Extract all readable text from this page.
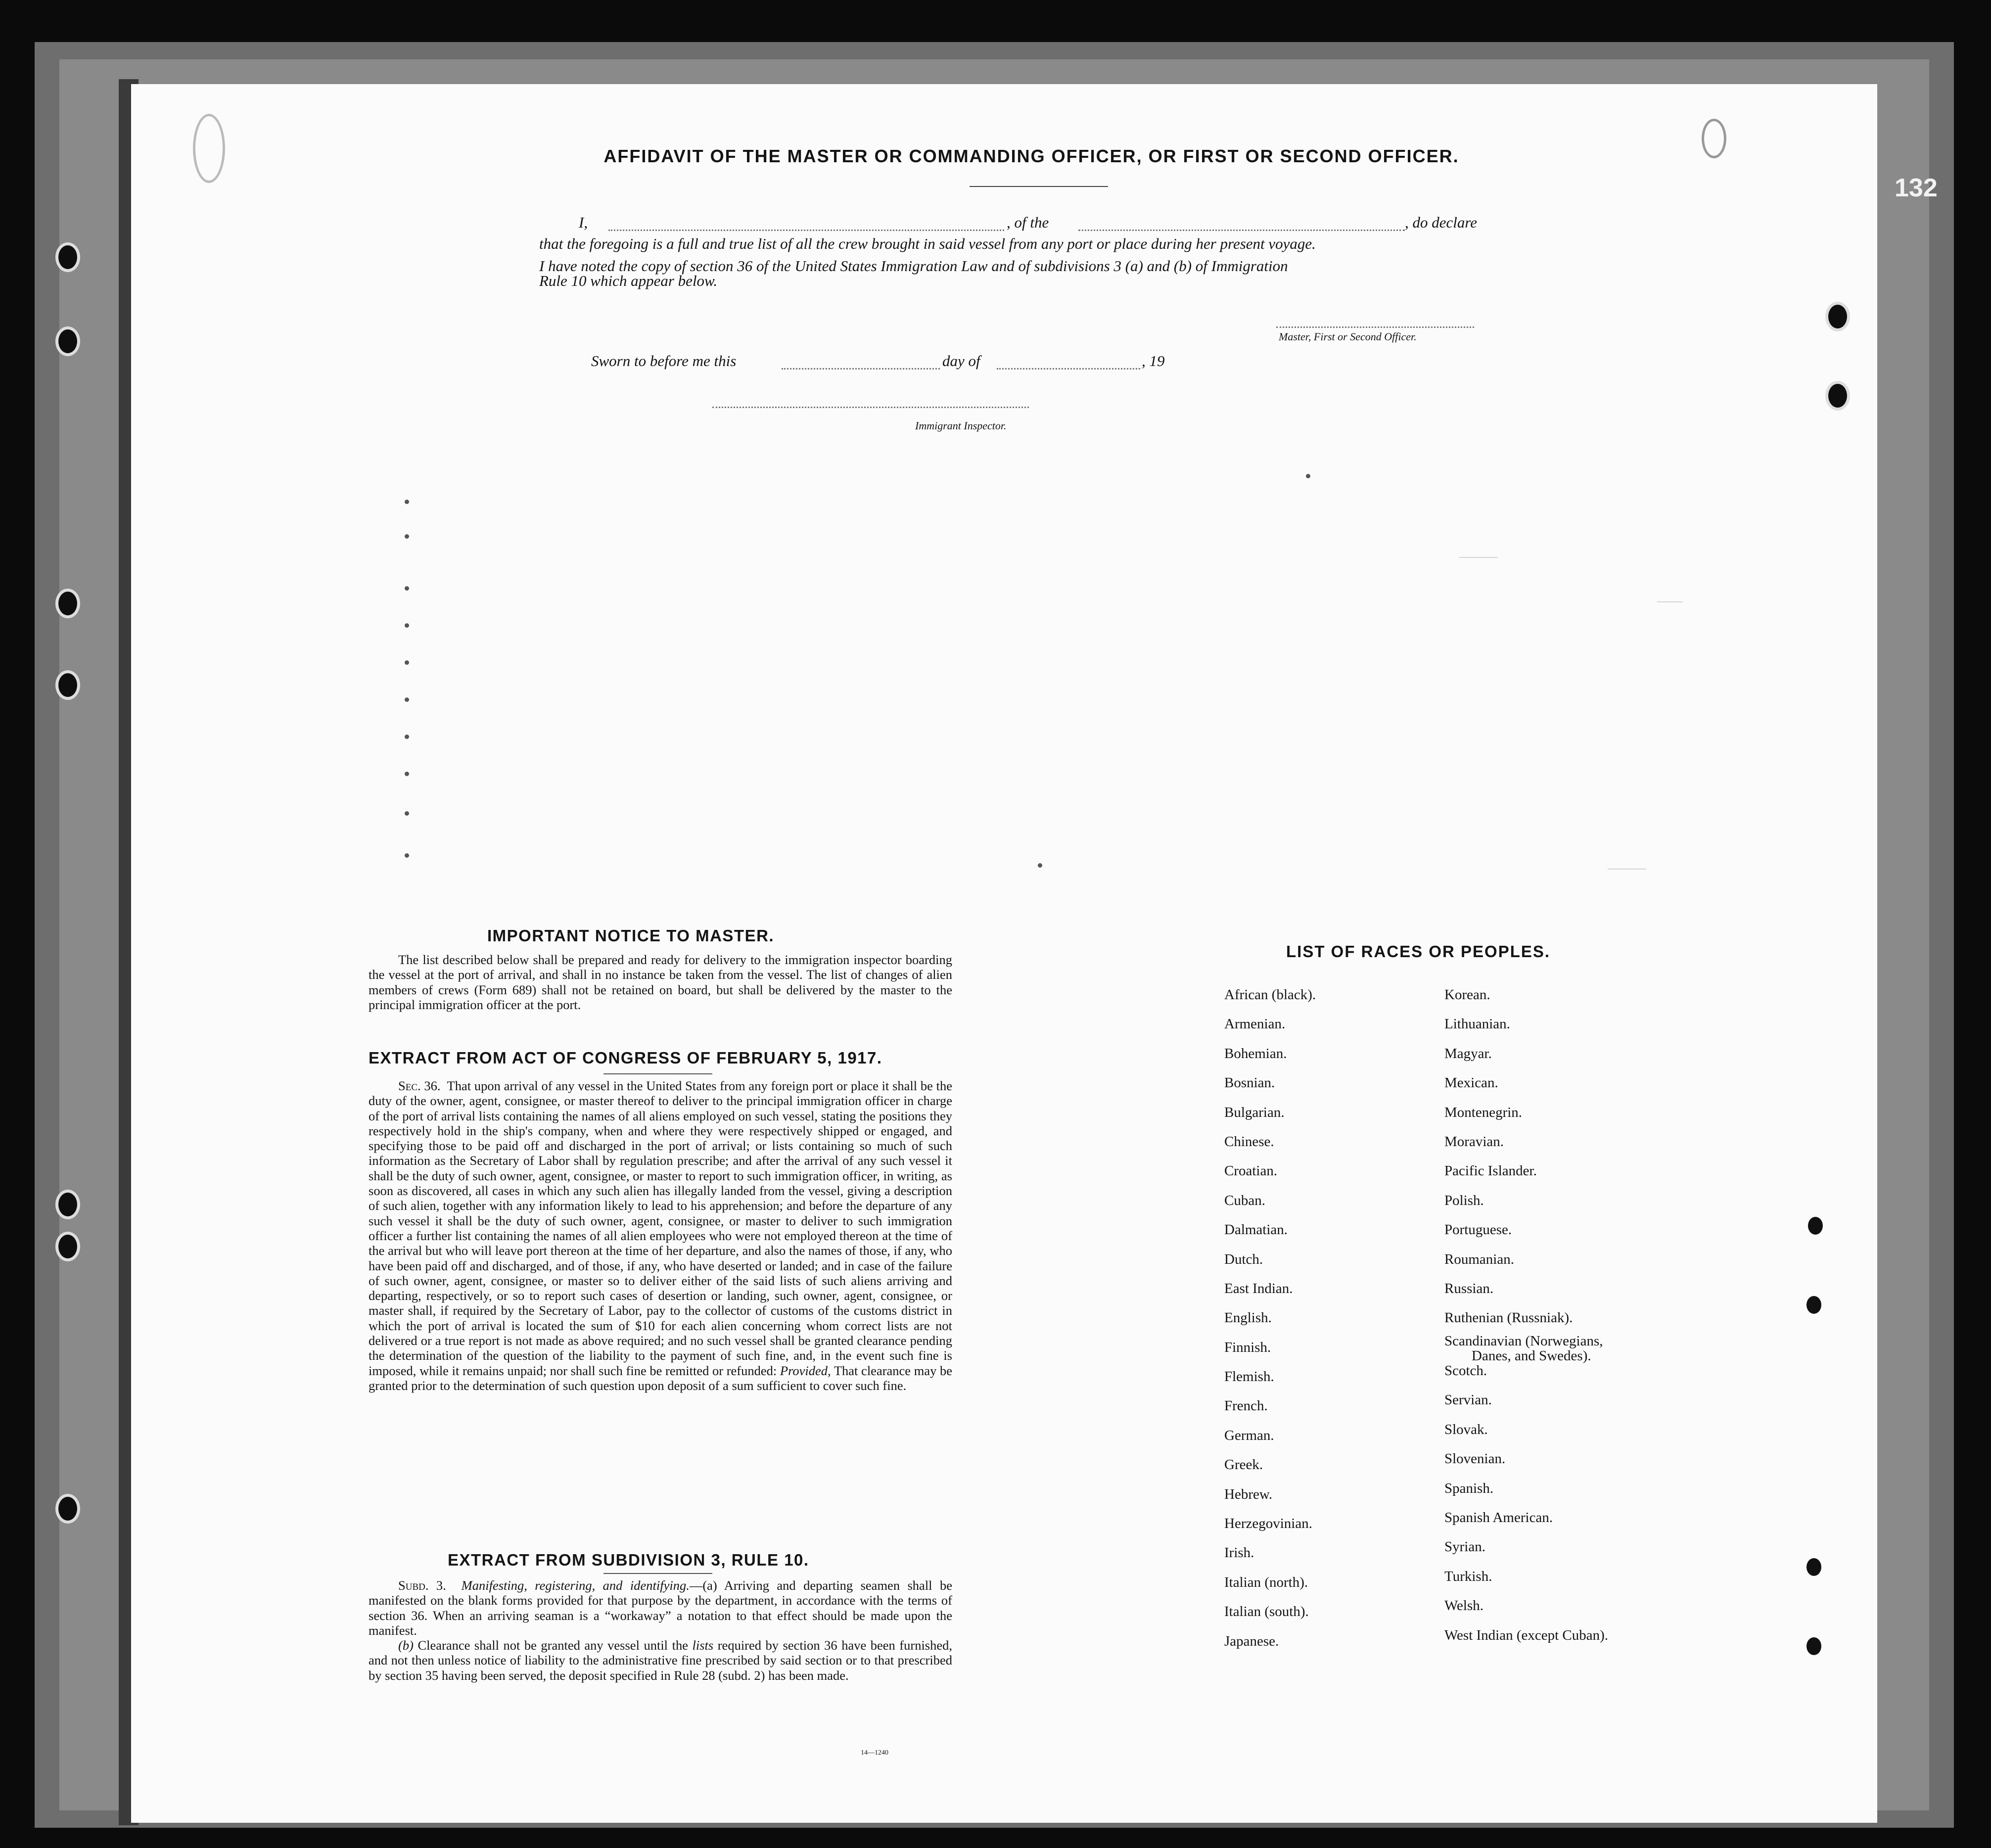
———
——
———
132
AFFIDAVIT OF THE MASTER OR COMMANDING OFFICER, OR FIRST OR SECOND OFFICER.
I,	, of the	, do declare
that the foregoing is a full and true list of all the crew brought in said vessel from any port or place during her present voyage.
I have noted the copy of section 36 of the United States Immigration Law and of subdivisions 3 (a) and (b) of Immigration
Rule 10 which appear below.
Master, First or Second Officer.
Sworn to before me this	day of	, 19
Immigrant Inspector.
IMPORTANT NOTICE TO MASTER.
The list described below shall be prepared and ready for delivery to the immigration inspector boarding the vessel at the port of arrival, and shall in no instance be taken from the vessel. The list of changes of alien members of crews (Form 689) shall not be retained on board, but shall be delivered by the master to the principal immigration officer at the port.
EXTRACT FROM ACT OF CONGRESS OF FEBRUARY 5, 1917.
Sec. 36. That upon arrival of any vessel in the United States from any foreign port or place it shall be the duty of the owner, agent, consignee, or master thereof to deliver to the principal immigration officer in charge of the port of arrival lists containing the names of all aliens employed on such vessel, stating the positions they respectively hold in the ship's company, when and where they were respectively shipped or engaged, and specifying those to be paid off and discharged in the port of arrival; or lists containing so much of such information as the Secretary of Labor shall by regulation prescribe; and after the arrival of any such vessel it shall be the duty of such owner, agent, consignee, or master to report to such immigration officer, in writing, as soon as discovered, all cases in which any such alien has illegally landed from the vessel, giving a description of such alien, together with any information likely to lead to his apprehension; and before the departure of any such vessel it shall be the duty of such owner, agent, consignee, or master to deliver to such immigration officer a further list containing the names of all alien employees who were not employed thereon at the time of the arrival but who will leave port thereon at the time of her departure, and also the names of those, if any, who have been paid off and discharged, and of those, if any, who have deserted or landed; and in case of the failure of such owner, agent, consignee, or master so to deliver either of the said lists of such aliens arriving and departing, respectively, or so to report such cases of desertion or landing, such owner, agent, consignee, or master shall, if required by the Secretary of Labor, pay to the collector of customs of the customs district in which the port of arrival is located the sum of $10 for each alien concerning whom correct lists are not delivered or a true report is not made as above required; and no such vessel shall be granted clearance pending the determination of the question of the liability to the payment of such fine, and, in the event such fine is imposed, while it remains unpaid; nor shall such fine be remitted or refunded: Provided, That clearance may be granted prior to the determination of such question upon deposit of a sum sufficient to cover such fine.
EXTRACT FROM SUBDIVISION 3, RULE 10.
Subd. 3. Manifesting, registering, and identifying.—(a) Arriving and departing seamen shall be manifested on the blank forms provided for that purpose by the department, in accordance with the terms of section 36. When an arriving seaman is a “workaway” a notation to that effect should be made upon the manifest.
(b) Clearance shall not be granted any vessel until the lists required by section 36 have been furnished, and not then unless notice of liability to the administrative fine prescribed by said section or to that prescribed by section 35 having been served, the deposit specified in Rule 28 (subd. 2) has been made.
14—1240
LIST OF RACES OR PEOPLES.
African (black).
Armenian.
Bohemian.
Bosnian.
Bulgarian.
Chinese.
Croatian.
Cuban.
Dalmatian.
Dutch.
East Indian.
English.
Finnish.
Flemish.
French.
German.
Greek.
Hebrew.
Herzegovinian.
Irish.
Italian (north).
Italian (south).
Japanese.
Korean.
Lithuanian.
Magyar.
Mexican.
Montenegrin.
Moravian.
Pacific Islander.
Polish.
Portuguese.
Roumanian.
Russian.
Ruthenian (Russniak).
Scandinavian (Norwegians,
Danes, and Swedes).
Scotch.
Servian.
Slovak.
Slovenian.
Spanish.
Spanish American.
Syrian.
Turkish.
Welsh.
West Indian (except Cuban).
